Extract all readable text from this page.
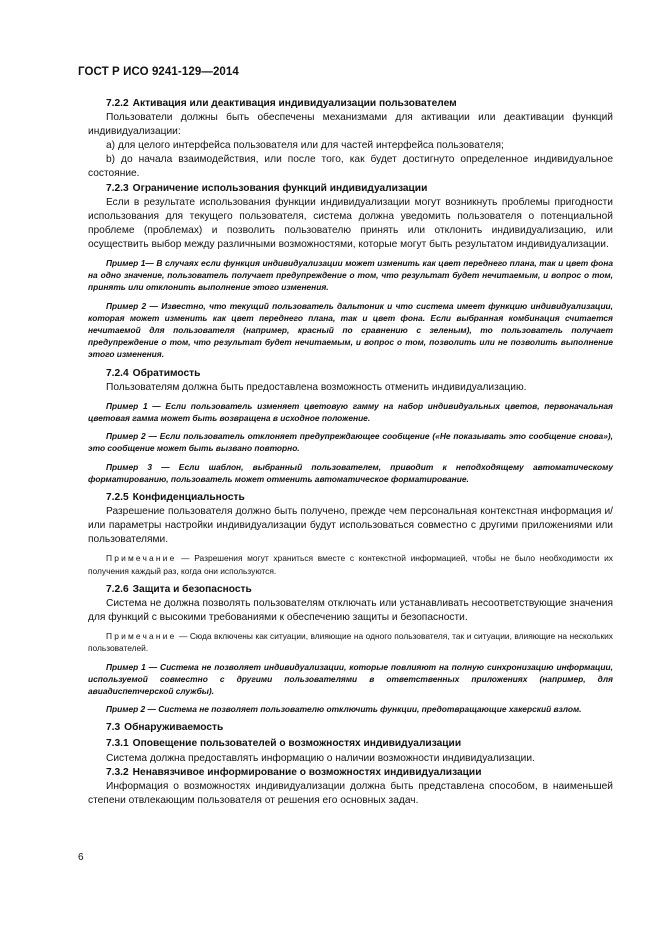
ГОСТ Р ИСО 9241-129—2014
7.2.2 Активация или деактивация индивидуализации пользователем

Пользователи должны быть обеспечены механизмами для активации или деактивации функций индивидуализации:

a) для целого интерфейса пользователя или для частей интерфейса пользователя;

b) до начала взаимодействия, или после того, как будет достигнуто определенное индивидуальное состояние.

7.2.3 Ограничение использования функций индивидуализации

Если в результате использования функции индивидуализации могут возникнуть проблемы пригодности использования для текущего пользователя, система должна уведомить пользователя о потенциальной проблеме (проблемах) и позволить пользователю принять или отклонить индивидуализацию, или осуществить выбор между различными возможностями, которые могут быть результатом индивидуализации.

Пример 1— В случаях если функция индивидуализации может изменить как цвет переднего плана, так и цвет фона на одно значение, пользователь получает предупреждение о том, что результат будет нечитаемым, и вопрос о том, принять или отклонить выполнение этого изменения.

Пример 2 — Известно, что текущий пользователь дальтоник и что система имеет функцию индивидуализации, которая может изменить как цвет переднего плана, так и цвет фона. Если выбранная комбинация считается нечитаемой для пользователя (например, красный по сравнению с зеленым), то пользователь получает предупреждение о том, что результат будет нечитаемым, и вопрос о том, позволить или не позволить выполнение этого изменения.

7.2.4 Обратимость

Пользователям должна быть предоставлена возможность отменить индивидуализацию.

Пример 1 — Если пользователь изменяет цветовую гамму на набор индивидуальных цветов, первоначальная цветовая гамма может быть возвращена в исходное положение.

Пример 2 — Если пользователь отклоняет предупреждающее сообщение («Не показывать это сообщение снова»), это сообщение может быть вызвано повторно.

Пример 3 — Если шаблон, выбранный пользователем, приводит к неподходящему автоматическому форматированию, пользователь может отменить автоматическое форматирование.

7.2.5 Конфиденциальность

Разрешение пользователя должно быть получено, прежде чем персональная контекстная информация и/или параметры настройки индивидуализации будут использоваться совместно с другими приложениями или пользователями.

Примечание — Разрешения могут храниться вместе с контекстной информацией, чтобы не было необходимости их получения каждый раз, когда они используются.

7.2.6 Защита и безопасность

Система не должна позволять пользователям отключать или устанавливать несоответствующие значения для функций с высокими требованиями к обеспечению защиты и безопасности.

Примечание — Сюда включены как ситуации, влияющие на одного пользователя, так и ситуации, влияющие на нескольких пользователей.

Пример 1 — Система не позволяет индивидуализации, которые повлияют на полную синхронизацию информации, используемой совместно с другими пользователями в ответственных приложениях (например, для авиадиспетчерской службы).

Пример 2 — Система не позволяет пользователю отключить функции, предотвращающие хакерский взлом.

7.3 Обнаруживаемость
7.3.1 Оповещение пользователей о возможностях индивидуализации

Система должна предоставлять информацию о наличии возможности индивидуализации.

7.3.2 Ненавязчивое информирование о возможностях индивидуализации

Информация о возможностях индивидуализации должна быть представлена способом, в наименьшей степени отвлекающим пользователя от решения его основных задач.

6
